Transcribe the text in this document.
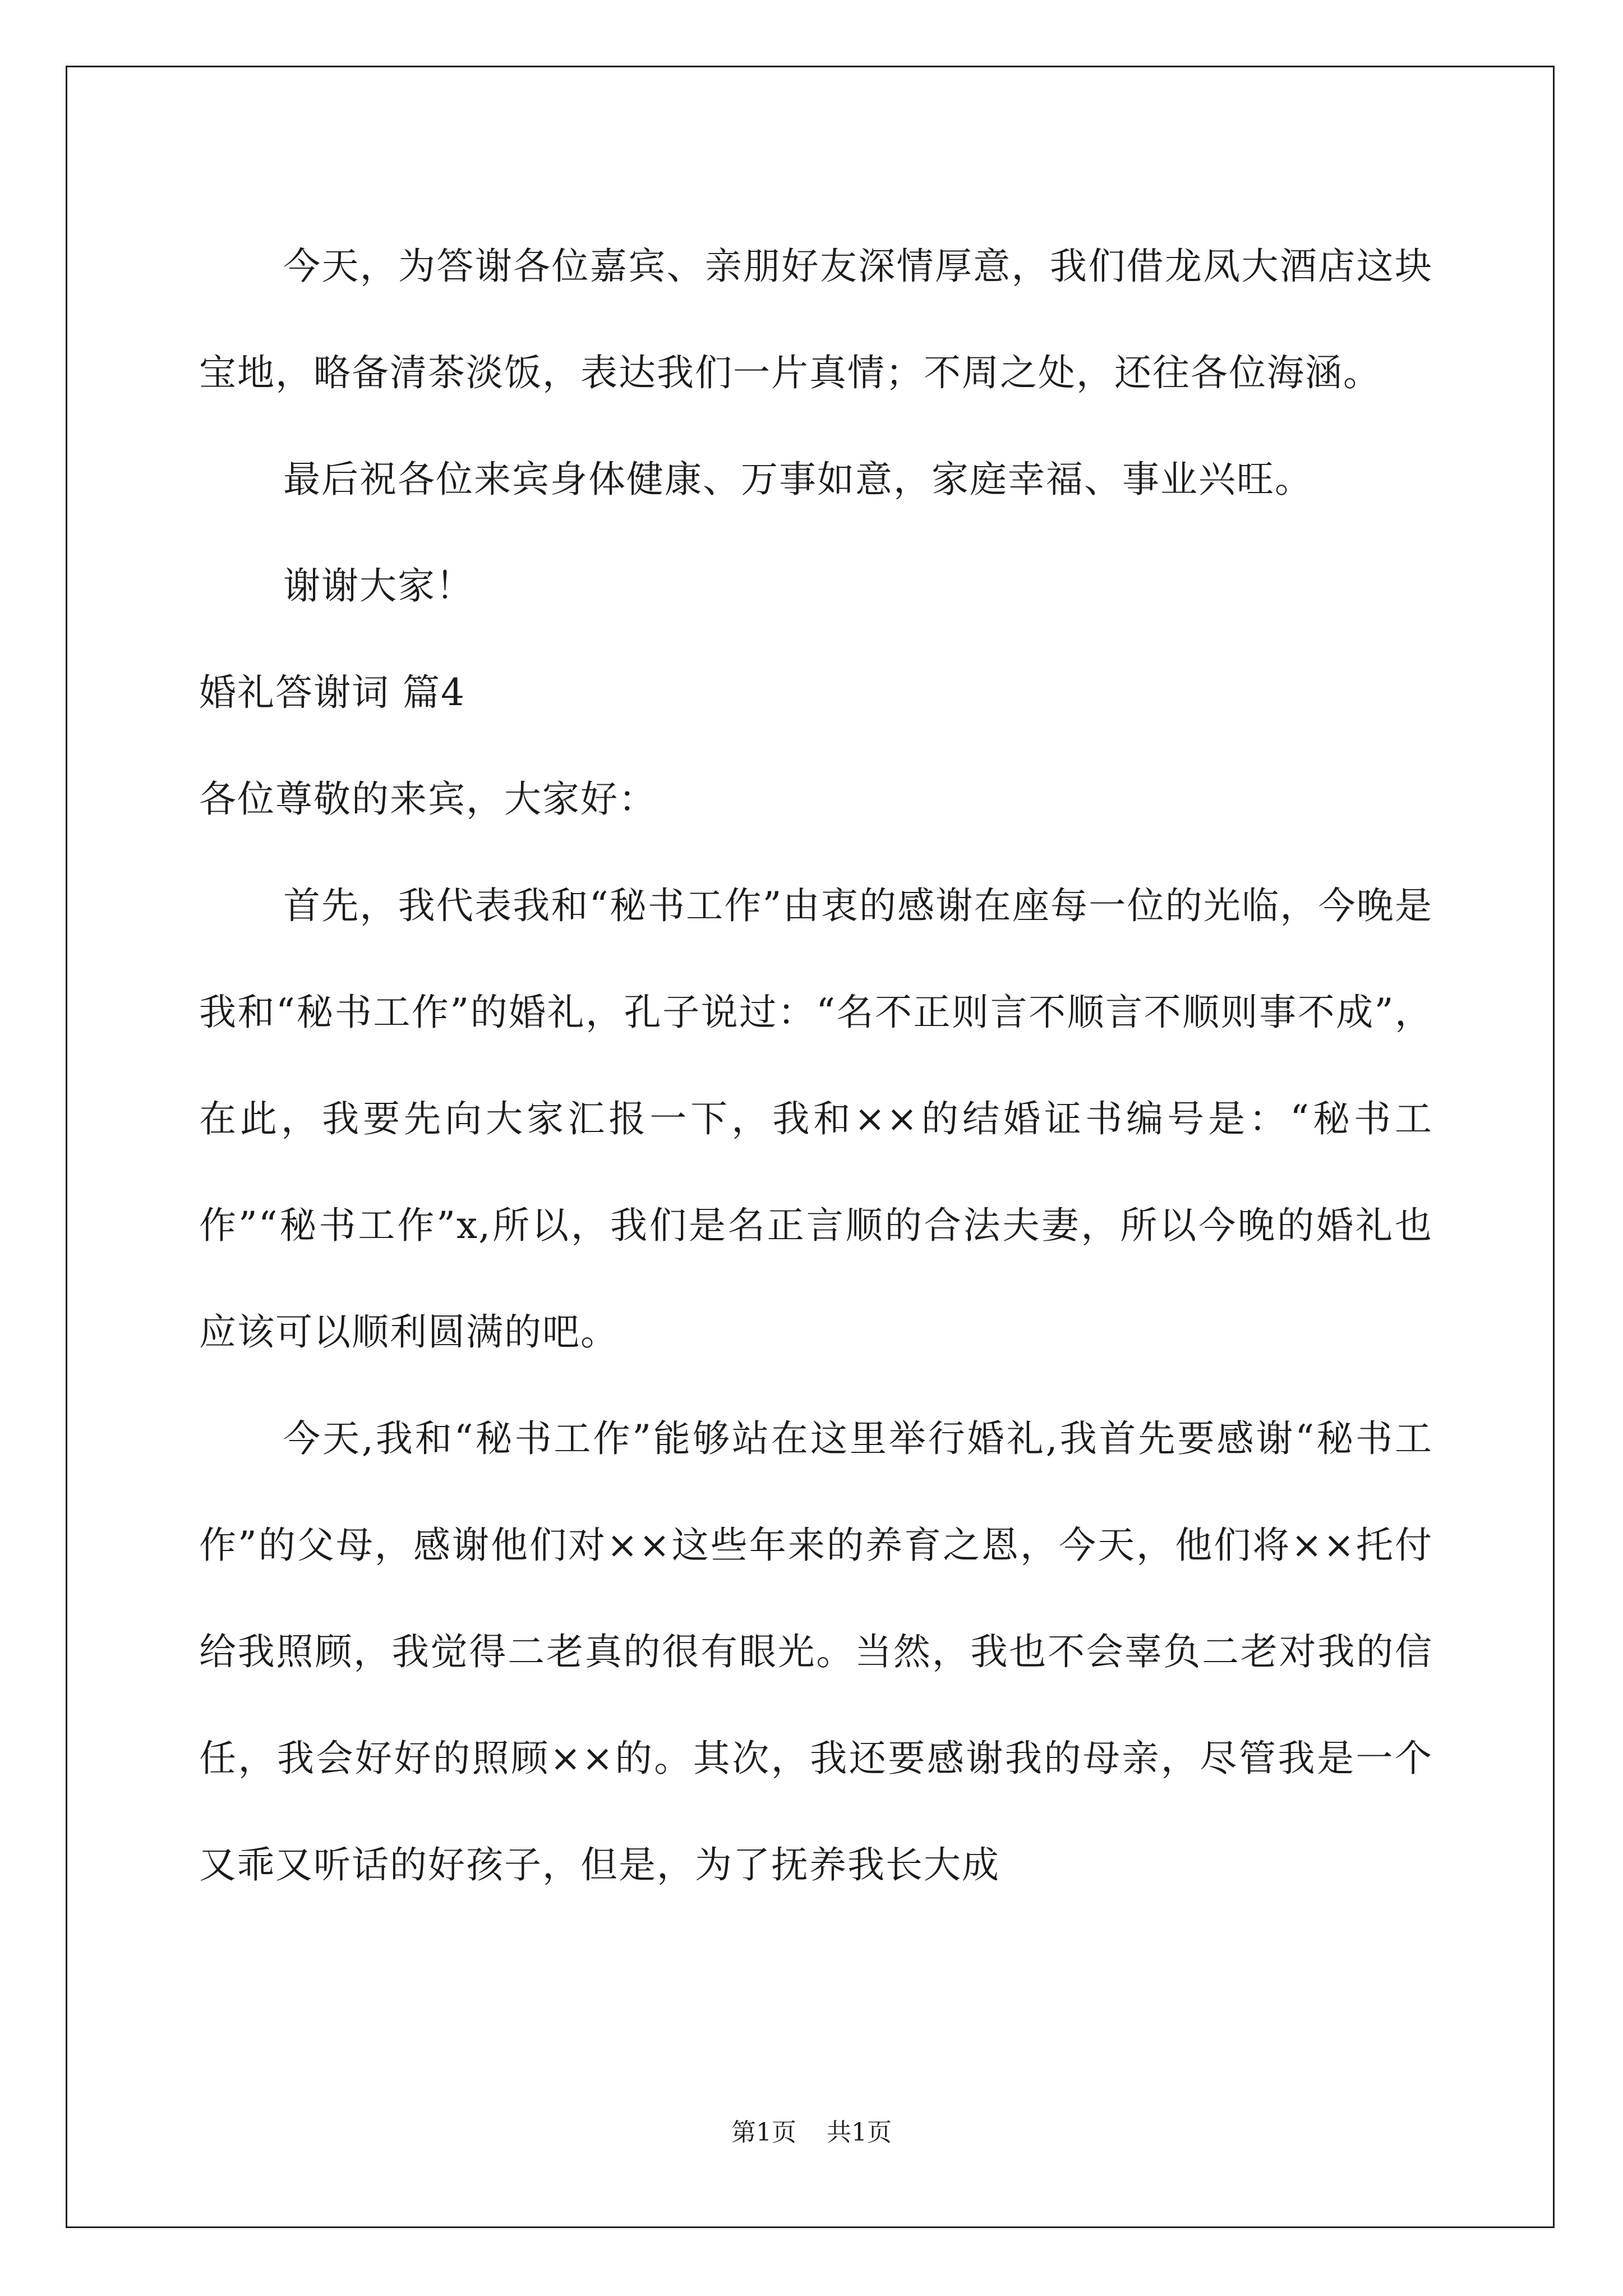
今天，为答谢各位嘉宾、亲朋好友深情厚意，我们借龙凤大酒店这块宝地，略备清茶淡饭，表达我们一片真情；不周之处，还往各位海涵。

最后祝各位来宾身体健康、万事如意，家庭幸福、事业兴旺。

谢谢大家！

婚礼答谢词 篇4

各位尊敬的来宾，大家好：

首先，我代表我和“秘书工作”由衷的感谢在座每一位的光临，今晚是我和“秘书工作”的婚礼，孔子说过：“名不正则言不顺言不顺则事不成”，在此，我要先向大家汇报一下，我和××的结婚证书编号是：“秘书工作”“秘书工作”x,所以，我们是名正言顺的合法夫妻，所以今晚的婚礼也应该可以顺利圆满的吧。

今天,我和“秘书工作”能够站在这里举行婚礼,我首先要感谢“秘书工作”的父母，感谢他们对××这些年来的养育之恩，今天，他们将××托付给我照顾，我觉得二老真的很有眼光。当然，我也不会辜负二老对我的信任，我会好好的照顾××的。其次，我还要感谢我的母亲，尽管我是一个又乖又听话的好孩子，但是，为了抚养我长大成

第1页 共1页
